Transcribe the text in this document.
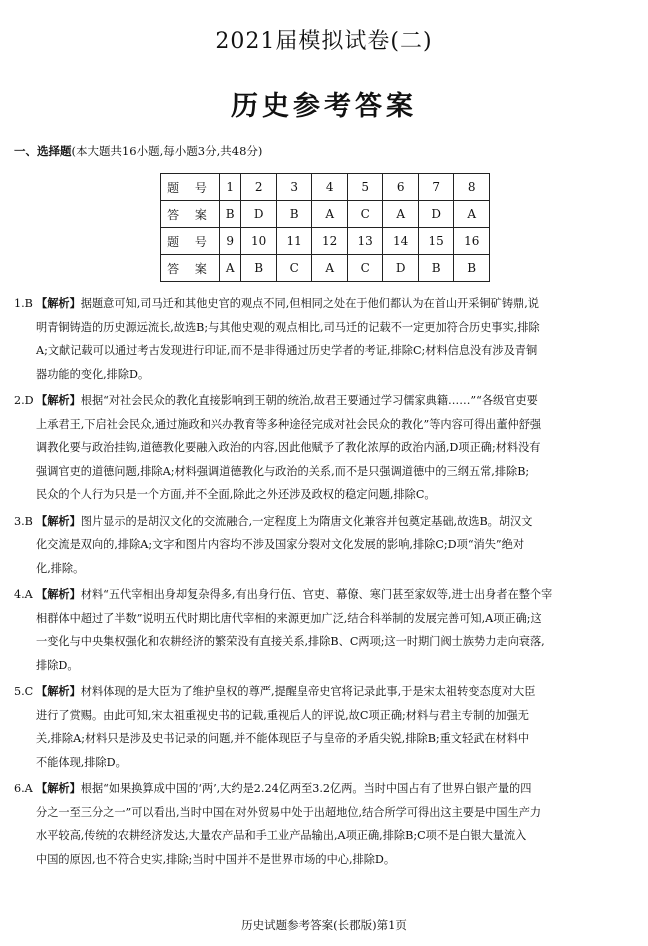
2021届模拟试卷(二)
历史参考答案
一、选择题(本大题共16小题,每小题3分,共48分)
题 号	1	2	3	4	5	6	7	8
答 案	B	D	B	A	C	A	D	A
题 号	9	10	11	12	13	14	15	16
答 案	A	B	C	A	C	D	B	B
1.B 【解析】据题意可知,司马迁和其他史官的观点不同,但相同之处在于他们都认为在首山开采铜矿铸鼎,说
明青铜铸造的历史源远流长,故选B;与其他史观的观点相比,司马迁的记载不一定更加符合历史事实,排除
A;文献记载可以通过考古发现进行印证,而不是非得通过历史学者的考证,排除C;材料信息没有涉及青铜
器功能的变化,排除D。
2.D 【解析】根据“对社会民众的教化直接影响到王朝的统治,故君王要通过学习儒家典籍……”“各级官吏要
上承君王,下启社会民众,通过施政和兴办教育等多种途径完成对社会民众的教化”等内容可得出董仲舒强
调教化要与政治挂钩,道德教化要融入政治的内容,因此他赋予了教化浓厚的政治内涵,D项正确;材料没有
强调官吏的道德问题,排除A;材料强调道德教化与政治的关系,而不是只强调道德中的三纲五常,排除B;
民众的个人行为只是一个方面,并不全面,除此之外还涉及政权的稳定问题,排除C。
3.B 【解析】图片显示的是胡汉文化的交流融合,一定程度上为隋唐文化兼容并包奠定基础,故选B。胡汉文
化交流是双向的,排除A;文字和图片内容均不涉及国家分裂对文化发展的影响,排除C;D项“消失”绝对
化,排除。
4.A 【解析】材料“五代宰相出身却复杂得多,有出身行伍、官吏、幕僚、寒门甚至家奴等,进士出身者在整个宰
相群体中超过了半数”说明五代时期比唐代宰相的来源更加广泛,结合科举制的发展完善可知,A项正确;这
一变化与中央集权强化和农耕经济的繁荣没有直接关系,排除B、C两项;这一时期门阀士族势力走向衰落,
排除D。
5.C 【解析】材料体现的是大臣为了维护皇权的尊严,提醒皇帝史官将记录此事,于是宋太祖转变态度对大臣
进行了赏赐。由此可知,宋太祖重视史书的记载,重视后人的评说,故C项正确;材料与君主专制的加强无
关,排除A;材料只是涉及史书记录的问题,并不能体现臣子与皇帝的矛盾尖锐,排除B;重文轻武在材料中
不能体现,排除D。
6.A 【解析】根据“如果换算成中国的‘两’,大约是2.24亿两至3.2亿两。当时中国占有了世界白银产量的四
分之一至三分之一”可以看出,当时中国在对外贸易中处于出超地位,结合所学可得出这主要是中国生产力
水平较高,传统的农耕经济发达,大量农产品和手工业产品输出,A项正确,排除B;C项不是白银大量流入
中国的原因,也不符合史实,排除;当时中国并不是世界市场的中心,排除D。
历史试题参考答案(长郡版)第1页
